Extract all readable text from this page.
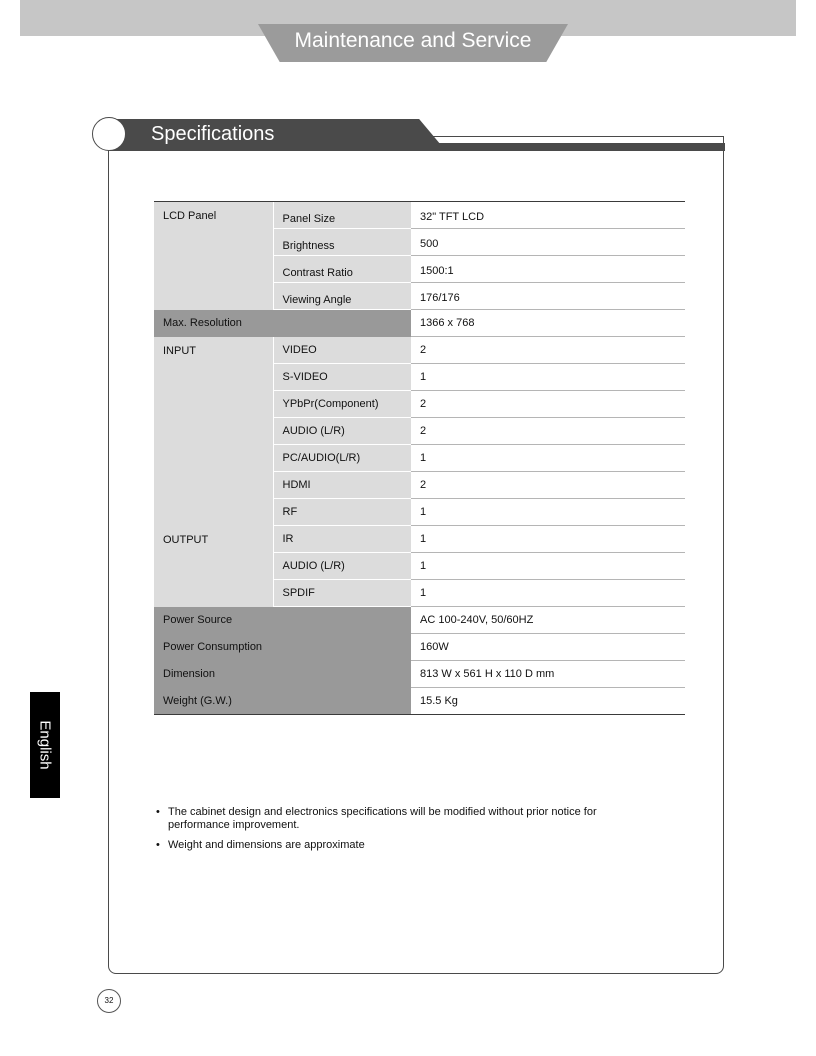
Maintenance and Service
Specifications
LCD Panel	Panel Size	32" TFT LCD
	Brightness	500
	Contrast Ratio	1500:1
	Viewing Angle	176/176
Max. Resolution		1366 x 768
INPUT	VIDEO	2
	S-VIDEO	1
	YPbPr(Component)	2
	AUDIO (L/R)	2
	PC/AUDIO(L/R)	1
	HDMI	2
	RF	1
OUTPUT	IR	1
	AUDIO (L/R)	1
	SPDIF	1
Power Source		AC 100-240V, 50/60HZ
Power Consumption		160W
Dimension		813 W x 561 H x 110 D mm
Weight (G.W.)		15.5 Kg
English
• The cabinet design and electronics specifications will be modified without prior notice for
performance improvement.
• Weight and dimensions are approximate
32
